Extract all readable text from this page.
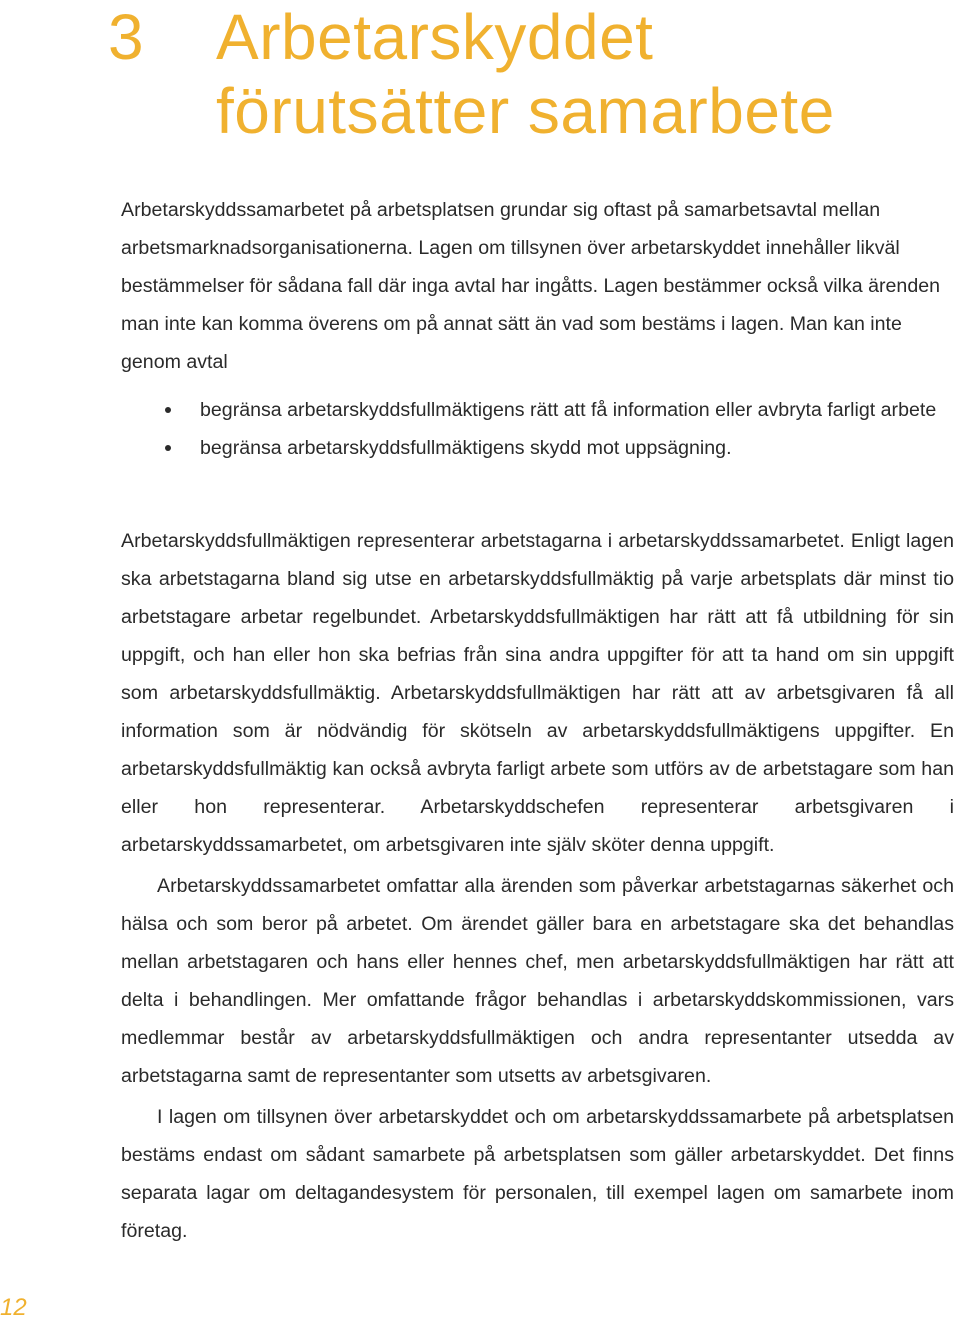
3 Arbetarskyddet
förutsätter samarbete

Arbetarskyddssamarbetet på arbetsplatsen grundar sig oftast på samarbetsavtal mellan arbetsmarknadsorganisationerna. Lagen om tillsynen över arbetarskyddet innehåller likväl bestämmelser för sådana fall där inga avtal har ingåtts. Lagen bestämmer också vilka ärenden man inte kan komma överens om på annat sätt än vad som bestäms i lagen. Man kan inte genom avtal

begränsa arbetarskyddsfullmäktigens rätt att få information eller avbryta farligt arbete
begränsa arbetarskyddsfullmäktigens skydd mot uppsägning.

Arbetarskyddsfullmäktigen representerar arbetstagarna i arbetarskyddssamarbetet. Enligt lagen ska arbetstagarna bland sig utse en arbetarskyddsfullmäktig på varje arbetsplats där minst tio arbetstagare arbetar regelbundet. Arbetarskyddsfullmäktigen har rätt att få utbildning för sin uppgift, och han eller hon ska befrias från sina andra uppgifter för att ta hand om sin uppgift som arbetarskyddsfullmäktig. Arbetarskyddsfullmäktigen har rätt att av arbetsgivaren få all information som är nödvändig för skötseln av arbetarskyddsfullmäktigens uppgifter. En arbetarskyddsfullmäktig kan också avbryta farligt arbete som utförs av de arbetstagare som han eller hon representerar. Arbetarskyddschefen representerar arbetsgivaren i arbetarskyddssamarbetet, om arbetsgivaren inte själv sköter denna uppgift.

Arbetarskyddssamarbetet omfattar alla ärenden som påverkar arbetstagarnas säkerhet och hälsa och som beror på arbetet. Om ärendet gäller bara en arbetstagare ska det behandlas mellan arbetstagaren och hans eller hennes chef, men arbetarskyddsfullmäktigen har rätt att delta i behandlingen. Mer omfattande frågor behandlas i arbetarskyddskommissionen, vars medlemmar består av arbetarskyddsfullmäktigen och andra representanter utsedda av arbetstagarna samt de representanter som utsetts av arbetsgivaren.

I lagen om tillsynen över arbetarskyddet och om arbetarskyddssamarbete på arbetsplatsen bestäms endast om sådant samarbete på arbetsplatsen som gäller arbetarskyddet. Det finns separata lagar om deltagandesystem för personalen, till exempel lagen om samarbete inom företag.

12
